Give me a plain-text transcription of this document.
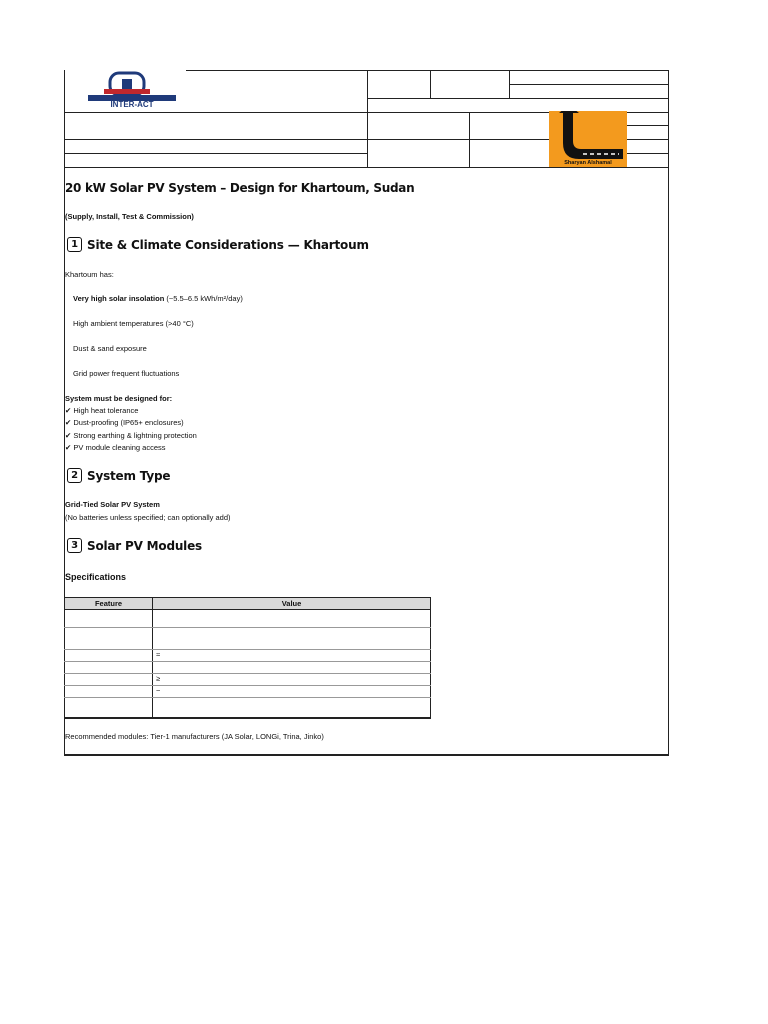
INTER-ACT
Sharyan Alshamal
20 kW Solar PV System – Design for Khartoum, Sudan
(Supply, Install, Test & Commission)
1 Site & Climate Considerations — Khartoum
Khartoum has:
Very high solar insolation (~5.5–6.5 kWh/m²/day)
High ambient temperatures (>40 °C)
Dust & sand exposure
Grid power frequent fluctuations
System must be designed for:
✔ High heat tolerance
✔ Dust-proofing (IP65+ enclosures)
✔ Strong earthing & lightning protection
✔ PV module cleaning access
2 System Type
Grid-Tied Solar PV System
(No batteries unless specified; can optionally add)
3 Solar PV Modules
Specifications
Feature	Value

	≈

	≥
	−

Recommended modules: Tier-1 manufacturers (JA Solar, LONGi, Trina, Jinko)
